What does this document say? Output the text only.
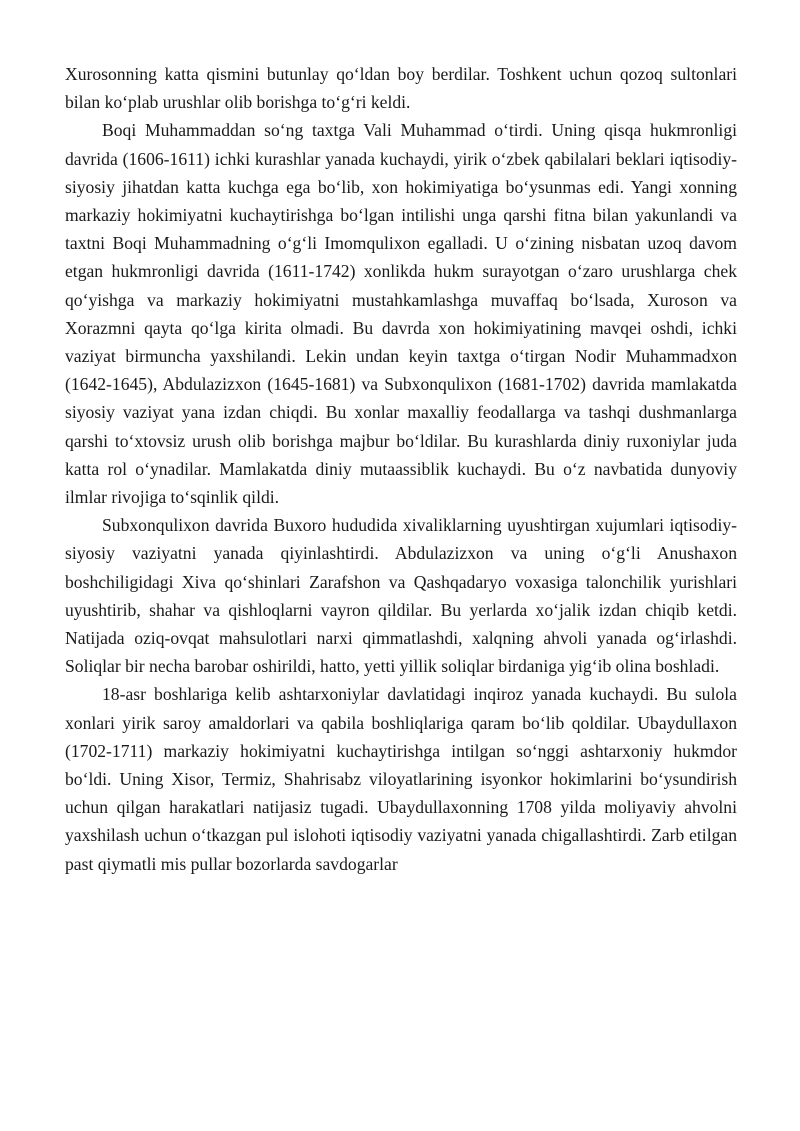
Xurosonning katta qismini butunlay qo‘ldan boy berdilar. Toshkent uchun qozoq sultonlari bilan ko‘plab urushlar olib borishga to‘g‘ri keldi.

Boqi Muhammaddan so‘ng taxtga Vali Muhammad o‘tirdi. Uning qisqa hukmronligi davrida (1606-1611) ichki kurashlar yanada kuchaydi, yirik o‘zbek qabilalari beklari iqtisodiy-siyosiy jihatdan katta kuchga ega bo‘lib, xon hokimiyatiga bo‘ysunmas edi. Yangi xonning markaziy hokimiyatni kuchaytirishga bo‘lgan intilishi unga qarshi fitna bilan yakunlandi va taxtni Boqi Muhammadning o‘g‘li Imomqulixon egalladi. U o‘zining nisbatan uzoq davom etgan hukmronligi davrida (1611-1742) xonlikda hukm surayotgan o‘zaro urushlarga chek qo‘yishga va markaziy hokimiyatni mustahkamlashga muvaffaq bo‘lsada, Xuroson va Xorazmni qayta qo‘lga kirita olmadi. Bu davrda xon hokimiyatining mavqei oshdi, ichki vaziyat birmuncha yaxshilandi. Lekin undan keyin taxtga o‘tirgan Nodir Muhammadxon (1642-1645), Abdulazizxon (1645-1681) va Subxonqulixon (1681-1702) davrida mamlakatda siyosiy vaziyat yana izdan chiqdi. Bu xonlar maxalliy feodallarga va tashqi dushmanlarga qarshi to‘xtovsiz urush olib borishga majbur bo‘ldilar. Bu kurashlarda diniy ruxoniylar juda katta rol o‘ynadilar. Mamlakatda diniy mutaassiblik kuchaydi. Bu o‘z navbatida dunyoviy ilmlar rivojiga to‘sqinlik qildi.

Subxonqulixon davrida Buxoro hududida xivaliklarning uyushtirgan xujumlari iqtisodiy-siyosiy vaziyatni yanada qiyinlashtirdi. Abdulazizxon va uning o‘g‘li Anushaxon boshchiligidagi Xiva qo‘shinlari Zarafshon va Qashqadaryo voxasiga talonchilik yurishlari uyushtirib, shahar va qishloqlarni vayron qildilar. Bu yerlarda xo‘jalik izdan chiqib ketdi. Natijada oziq-ovqat mahsulotlari narxi qimmatlashdi, xalqning ahvoli yanada og‘irlashdi. Soliqlar bir necha barobar oshirildi, hatto, yetti yillik soliqlar birdaniga yig‘ib olina boshladi.

18-asr boshlariga kelib ashtarxoniylar davlatidagi inqiroz yanada kuchaydi. Bu sulola xonlari yirik saroy amaldorlari va qabila boshliqlariga qaram bo‘lib qoldilar. Ubaydullaxon (1702-1711) markaziy hokimiyatni kuchaytirishga intilgan so‘nggi ashtarxoniy hukmdor bo‘ldi. Uning Xisor, Termiz, Shahrisabz viloyatlarining isyonkor hokimlarini bo‘ysundirish uchun qilgan harakatlari natijasiz tugadi. Ubaydullaxonning 1708 yilda moliyaviy ahvolni yaxshilash uchun o‘tkazgan pul islohoti iqtisodiy vaziyatni yanada chigallashtirdi. Zarb etilgan past qiymatli mis pullar bozorlarda savdogarlar
